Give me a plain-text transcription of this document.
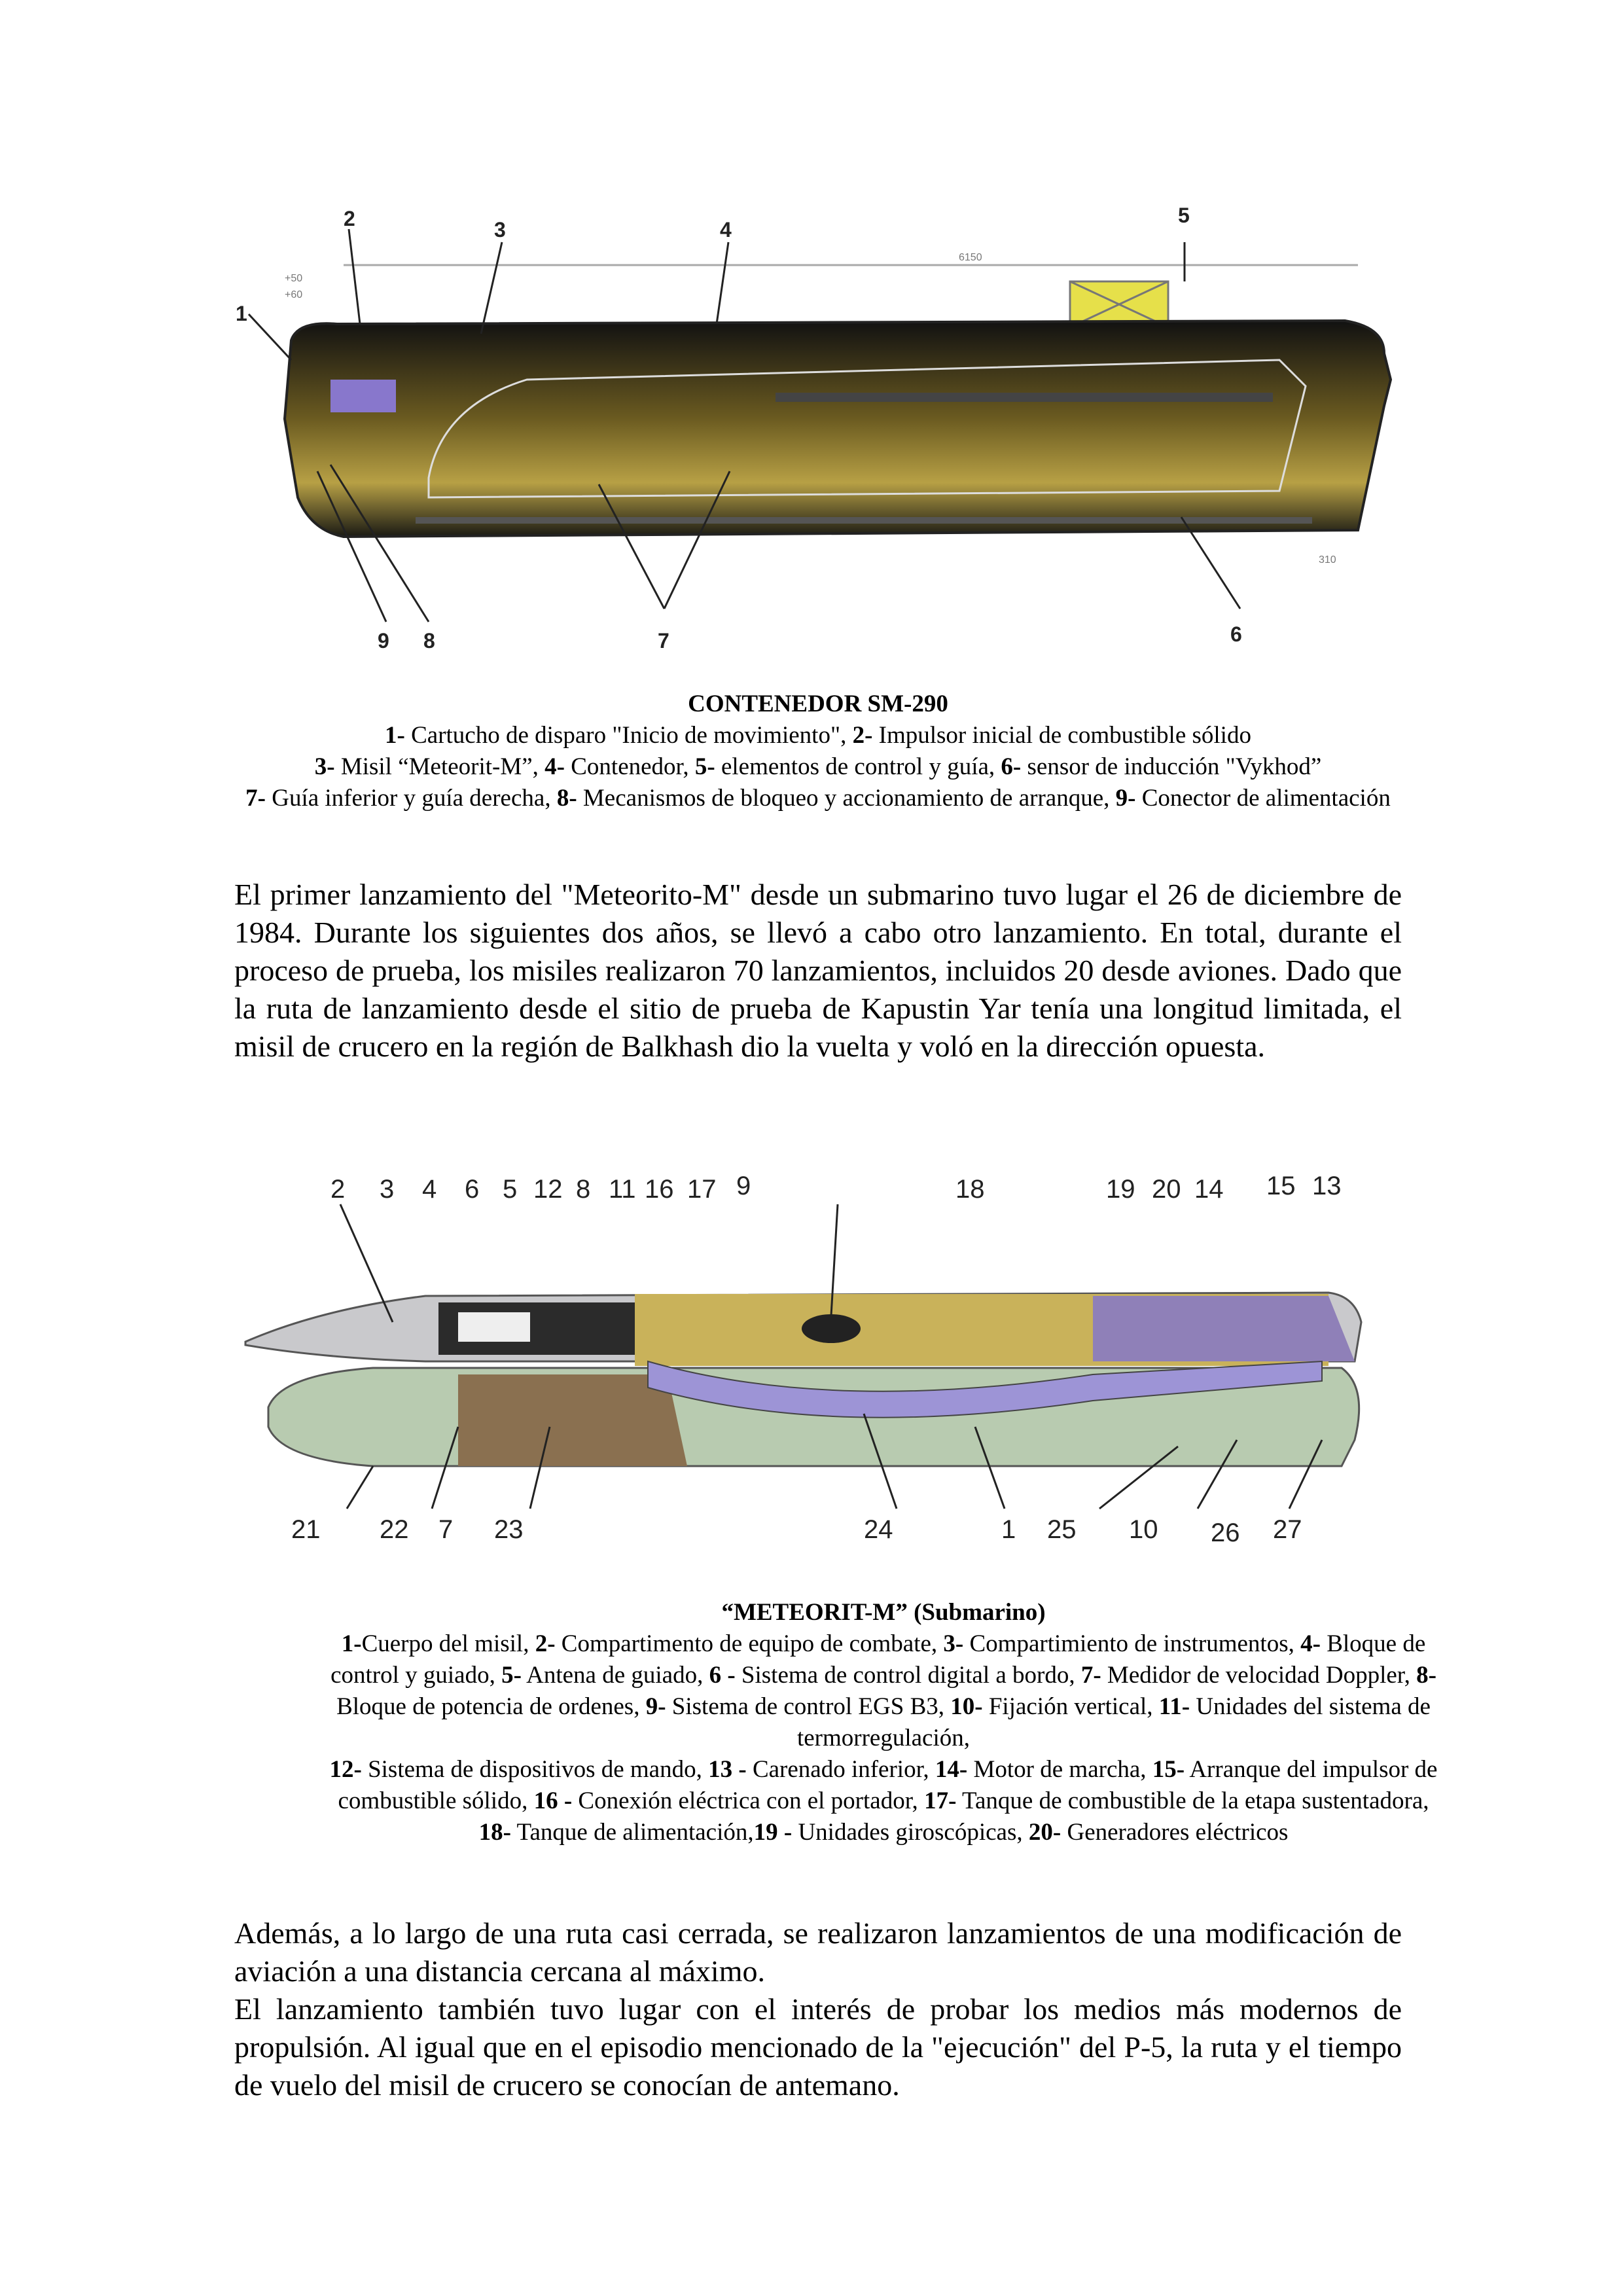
2	3	4
5
1
6
7
8
9
6150
+50
+60
310
CONTENEDOR SM-290
1- Cartucho de disparo "Inicio de movimiento", 2- Impulsor inicial de combustible sólido
3- Misil “Meteorit-M”, 4- Contenedor, 5- elementos de control y guía, 6- sensor de inducción "Vykhod”
7- Guía inferior y guía derecha, 8- Mecanismos de bloqueo y accionamiento de arranque, 9- Conector de alimentación

El primer lanzamiento del "Meteorito-M" desde un submarino tuvo lugar el 26 de diciembre de 1984. Durante los siguientes dos años, se llevó a cabo otro lanzamiento. En total, durante el proceso de prueba, los misiles realizaron 70 lanzamientos, incluidos 20 desde aviones. Dado que la ruta de lanzamiento desde el sitio de prueba de Kapustin Yar tenía una longitud limitada, el misil de crucero en la región de Balkhash dio la vuelta y voló en la dirección opuesta.

2 3 4 6 5 12 8 11 16 17 9	18	19 20 14 15 13
21 22 7 23	24	1 25 10 26 27
“METEORIT-M” (Submarino)
1-Cuerpo del misil, 2- Compartimento de equipo de combate, 3- Compartimiento de instrumentos, 4- Bloque de control y guiado, 5- Antena de guiado, 6 - Sistema de control digital a bordo, 7- Medidor de velocidad Doppler, 8- Bloque de potencia de ordenes, 9- Sistema de control EGS B3, 10- Fijación vertical, 11- Unidades del sistema de termorregulación,
12- Sistema de dispositivos de mando, 13 - Carenado inferior, 14- Motor de marcha, 15- Arranque del impulsor de combustible sólido, 16 - Conexión eléctrica con el portador, 17- Tanque de combustible de la etapa sustentadora, 18- Tanque de alimentación,19 - Unidades giroscópicas, 20- Generadores eléctricos

Además, a lo largo de una ruta casi cerrada, se realizaron lanzamientos de una modificación de aviación a una distancia cercana al máximo.

El lanzamiento también tuvo lugar con el interés de probar los medios más modernos de propulsión. Al igual que en el episodio mencionado de la "ejecución" del P-5, la ruta y el tiempo de vuelo del misil de crucero se conocían de antemano.
